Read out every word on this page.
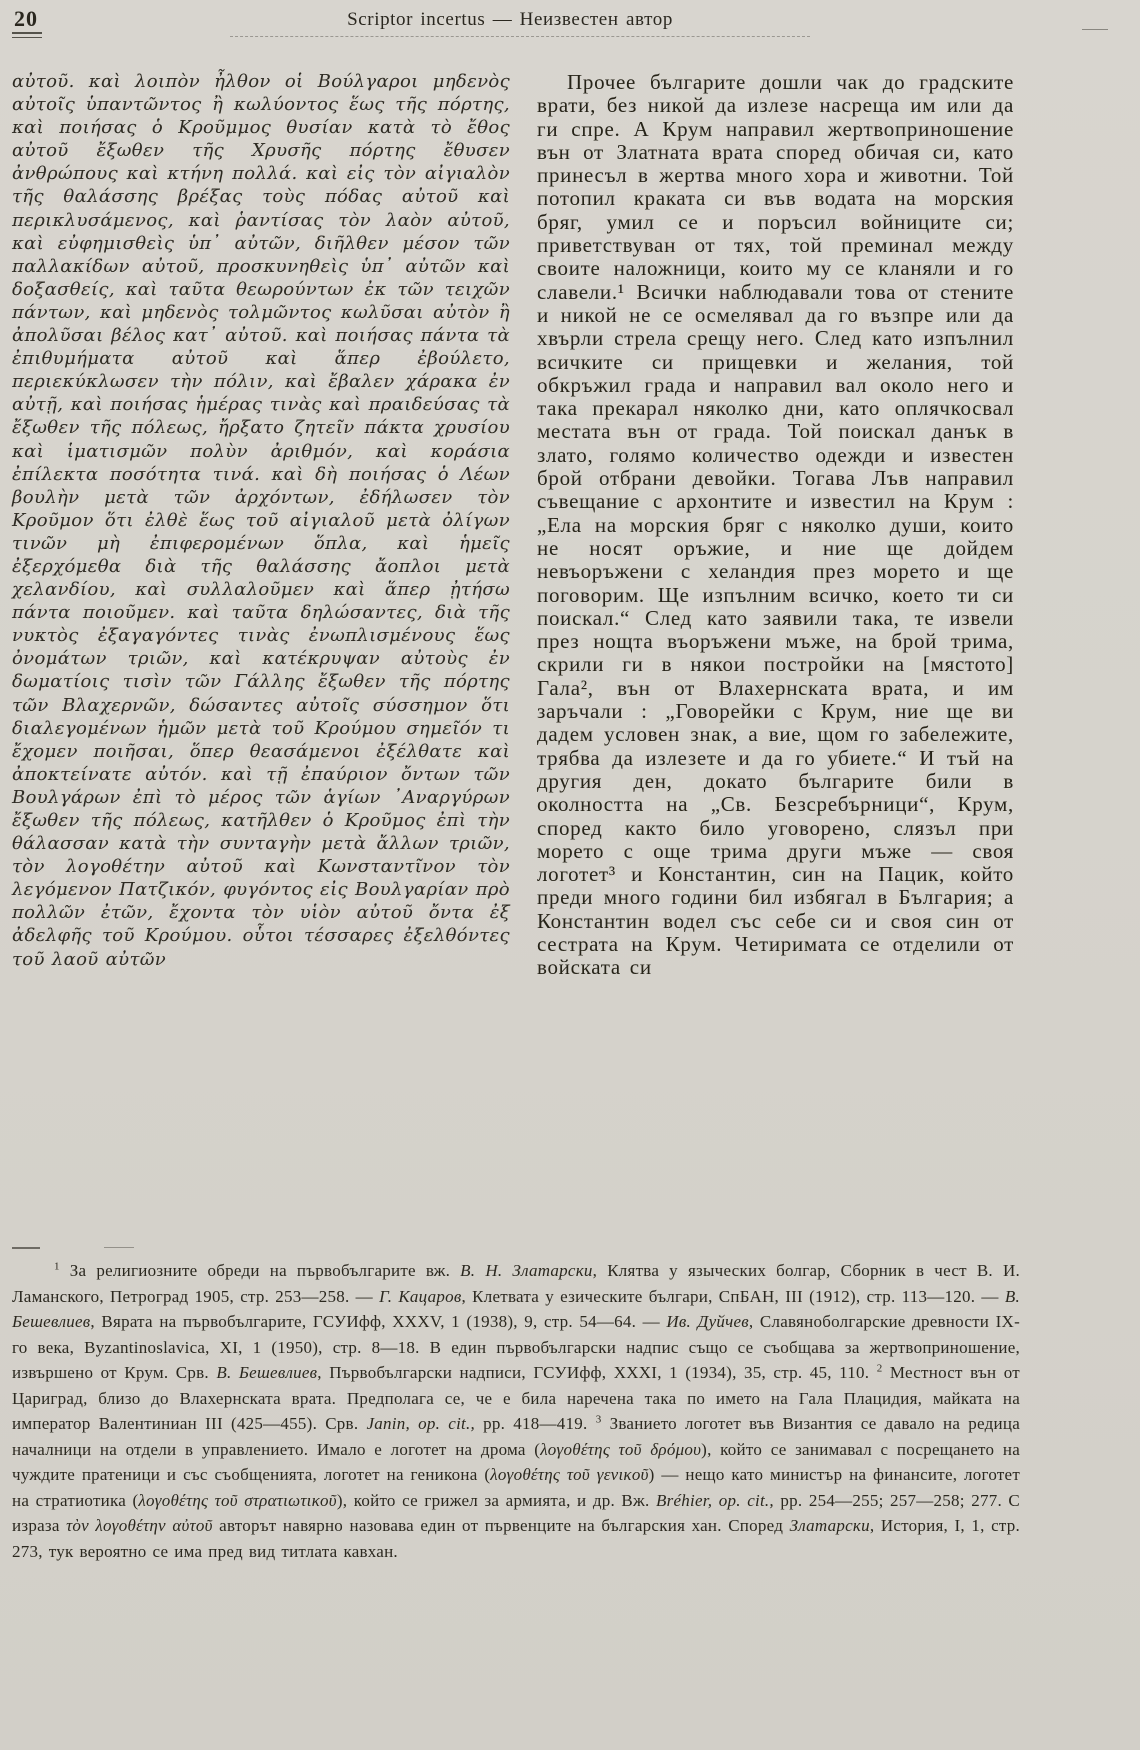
20	Scriptor incertus — Неизвестен автор
αὐτοῦ. καὶ λοιπὸν ἦλθον οἱ Βούλγαροι μηδενὸς αὐτοῖς ὑπαντῶντος ἢ κωλύοντος ἕως τῆς πόρτης, καὶ ποιήσας ὁ Κροῦμμος θυσίαν κατὰ τὸ ἔθος αὐτοῦ ἔξωθεν τῆς Χρυσῆς πόρτης ἔθυσεν ἀνθρώπους καὶ κτήνη πολλά. καὶ εἰς τὸν αἰγιαλὸν τῆς θαλάσσης βρέξας τοὺς πόδας αὐτοῦ καὶ περικλυσάμενος, καὶ ῥαντίσας τὸν λαὸν αὐτοῦ, καὶ εὐφημισθεὶς ὑπ᾽ αὐτῶν, διῆλθεν μέσον τῶν παλλακίδων αὐτοῦ, προσκυνηθεὶς ὑπ᾽ αὐτῶν καὶ δοξασθείς, καὶ ταῦτα θεωρούντων ἐκ τῶν τειχῶν πάντων, καὶ μηδενὸς τολμῶντος κωλῦσαι αὐτὸν ἢ ἀπολῦσαι βέλος κατ᾽ αὐτοῦ. καὶ ποιήσας πάντα τὰ ἐπιθυμήματα αὐτοῦ καὶ ἅπερ ἐβούλετο, περιεκύκλωσεν τὴν πόλιν, καὶ ἔβαλεν χάρακα ἐν αὐτῇ, καὶ ποιήσας ἡμέρας τινὰς καὶ πραιδεύσας τὰ ἔξωθεν τῆς πόλεως, ἤρξατο ζητεῖν πάκτα χρυσίου καὶ ἱματισμῶν πολὺν ἀριθμόν, καὶ κοράσια ἐπίλεκτα ποσότητα τινά. καὶ δὴ ποιήσας ὁ Λέων βουλὴν μετὰ τῶν ἀρχόντων, ἐδήλωσεν τὸν Κροῦμον ὅτι ἐλθὲ ἕως τοῦ αἰγιαλοῦ μετὰ ὀλίγων τινῶν μὴ ἐπιφερομένων ὅπλα, καὶ ἡμεῖς ἐξερχόμεθα διὰ τῆς θαλάσσης ἄοπλοι μετὰ χελανδίου, καὶ συλλαλοῦμεν καὶ ἅπερ ᾐτήσω πάντα ποιοῦμεν. καὶ ταῦτα δηλώσαντες, διὰ τῆς νυκτὸς ἐξαγαγόντες τινὰς ἐνωπλισμένους ἕως ὀνομάτων τριῶν, καὶ κατέκρυψαν αὐτοὺς ἐν δωματίοις τισὶν τῶν Γάλλης ἔξωθεν τῆς πόρτης τῶν Βλαχερνῶν, δώσαντες αὐτοῖς σύσσημον ὅτι διαλεγομένων ἡμῶν μετὰ τοῦ Κρούμου σημεῖόν τι ἔχομεν ποιῆσαι, ὅπερ θεασάμενοι ἐξέλθατε καὶ ἀποκτείνατε αὐτόν. καὶ τῇ ἐπαύριον ὄντων τῶν Βουλγάρων ἐπὶ τὸ μέρος τῶν ἁγίων ᾽Αναργύρων ἔξωθεν τῆς πόλεως, κατῆλθεν ὁ Κροῦμος ἐπὶ τὴν θάλασσαν κατὰ τὴν συνταγὴν μετὰ ἄλλων τριῶν, τὸν λογοθέτην αὐτοῦ καὶ Κωνσταντῖνον τὸν λεγόμενον Πατζικόν, φυγόντος εἰς Βουλγαρίαν πρὸ πολλῶν ἐτῶν, ἔχοντα τὸν υἱὸν αὐτοῦ ὄντα ἐξ ἀδελφῆς τοῦ Κρούμου. οὗτοι τέσσαρες ἐξελθόντες τοῦ λαοῦ αὐτῶν
Прочее българите дошли чак до градските врати, без никой да излезе насреща им или да ги спре. А Крум направил жертвоприношение вън от Златната врата според обичая си, като принесъл в жертва много хора и животни. Той потопил краката си във водата на морския бряг, умил се и поръсил войниците си; приветствуван от тях, той преминал между своите наложници, които му се кланяли и го славели.¹ Всички наблюдавали това от стените и никой не се осмелявал да го възпре или да хвърли стрела срещу него. След като изпълнил всичките си прищевки и желания, той обкръжил града и направил вал около него и така прекарал няколко дни, като оплячкосвал местата вън от града. Той поискал данък в злато, голямо количество одежди и известен брой отбрани девойки. Тогава Лъв направил съвещание с архонтите и известил на Крум : „Ела на морския бряг с няколко души, които не носят оръжие, и ние ще дойдем невъоръжени с хеландия през морето и ще поговорим. Ще изпълним всичко, което ти си поискал.“ След като заявили така, те извели през нощта въоръжени мъже, на брой трима, скрили ги в някои постройки на [мястото] Гала², вън от Влахернската врата, и им заръчали : „Говорейки с Крум, ние ще ви дадем условен знак, а вие, щом го забележите, трябва да излезете и да го убиете.“ И тъй на другия ден, докато българите били в околността на „Св. Безсребърници“, Крум, според както било уговорено, слязъл при морето с още трима други мъже — своя логотет³ и Константин, син на Пацик, който преди много години бил избягал в България; а Константин водел със себе си и своя син от сестрата на Крум. Четиримата се отделили от войската си
$^1$ За религиозните обреди на първобългарите вж. В. Н. Златарски, Клятва у языческих болгар, Сборник в чест В. И. Ламанского, Петроград 1905, стр. 253—258. — Г. Кацаров, Клетвата у езическите българи, СпБАН, III (1912), стр. 113—120. — В. Бешевлиев, Вярата на първобългарите, ГСУИфф, XXXV, 1 (1938), 9, стр. 54—64. — Ив. Дуйчев, Славяноболгарские древности IX-го века, Byzantinoslavica, XI, 1 (1950), стр. 8—18. В един първобългарски надпис също се съобщава за жертвоприношение, извършено от Крум. Срв. В. Бешевлиев, Първобългарски надписи, ГСУИфф, XXXI, 1 (1934), 35, стр. 45, 110. $^2$ Местност вън от Цариград, близо до Влахернската врата. Предполага се, че е била наречена така по името на Гала Плацидия, майката на император Валентиниан III (425—455). Срв. Janin, op. cit., pp. 418—419. $^3$ Званието логотет във Византия се давало на редица началници на отдели в управлението. Имало е логотет на дрома (λογοθέτης τοῦ δρόμου), който се занимавал с посрещането на чуждите пратеници и със съобщенията, логотет на геникона (λογοθέτης τοῦ γενικοῦ) — нещо като министър на финансите, логотет на стратиотика (λογοθέτης τοῦ στρατιωτικοῦ), който се грижел за армията, и др. Вж. Bréhier, op. cit., pp. 254—255; 257—258; 277. С израза τὸν λογοθέτην αὐτοῦ авторът навярно назовава един от първенците на българския хан. Според Златарски, История, I, 1, стр. 273, тук вероятно се има пред вид титлата кавхан.
